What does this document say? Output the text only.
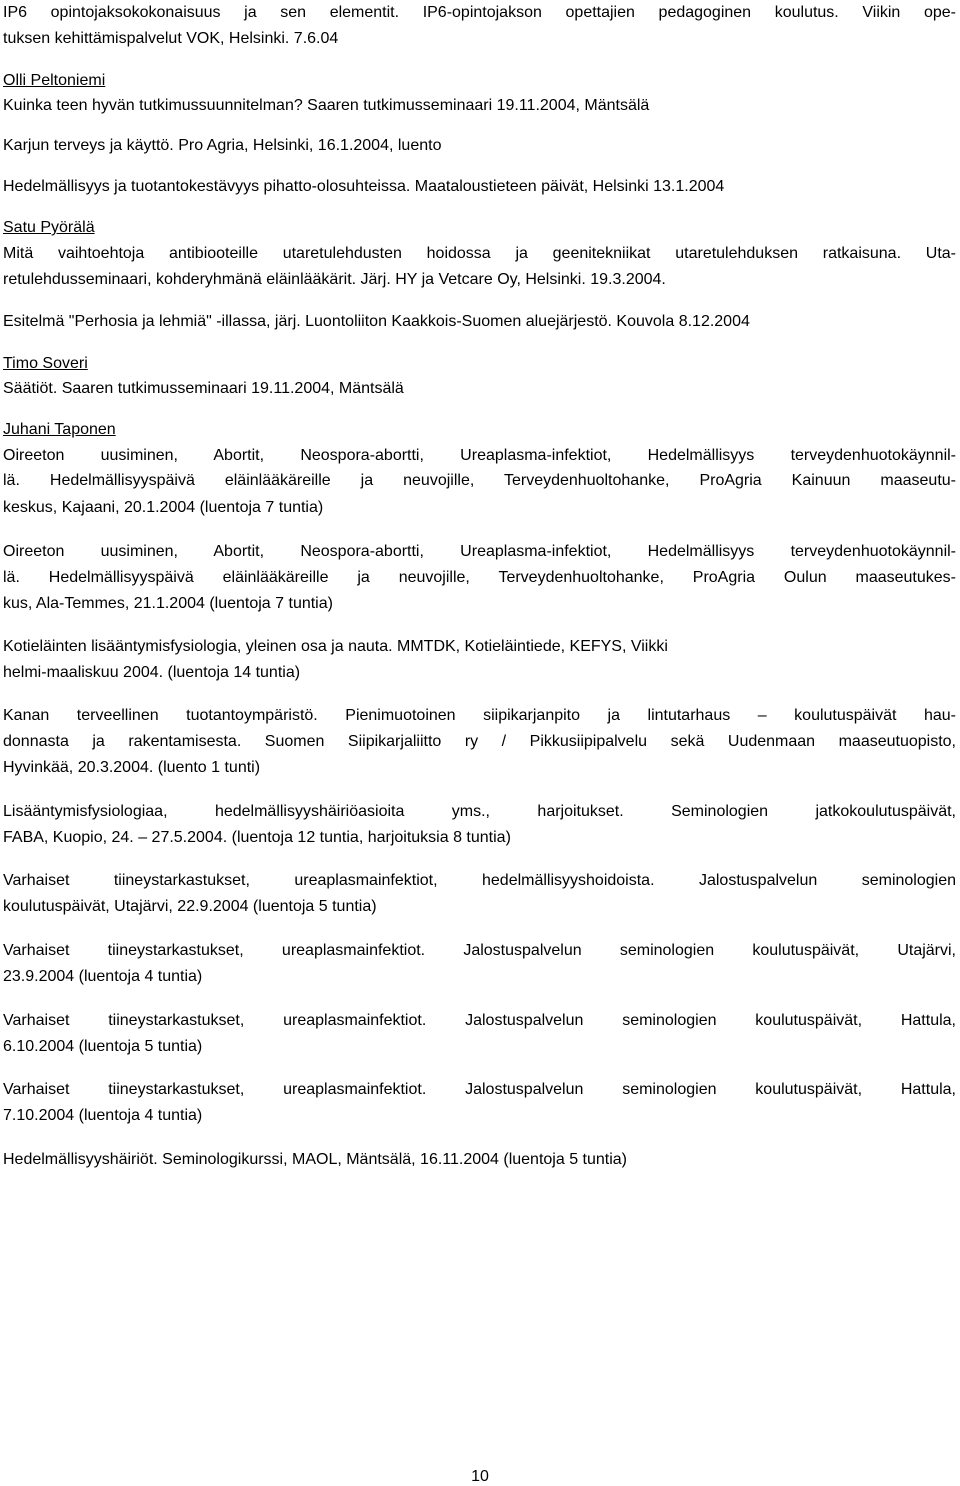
IP6 opintojaksokokonaisuus ja sen elementit. IP6-opintojakson opettajien pedagoginen koulutus. Viikin ope-
tuksen kehittämispalvelut VOK, Helsinki. 7.6.04
Olli Peltoniemi
Kuinka teen hyvän tutkimussuunnitelman? Saaren tutkimusseminaari 19.11.2004, Mäntsälä
Karjun terveys ja käyttö. Pro Agria, Helsinki, 16.1.2004, luento
Hedelmällisyys ja tuotantokestävyys pihatto-olosuhteissa. Maataloustieteen päivät, Helsinki 13.1.2004
Satu Pyörälä
Mitä vaihtoehtoja antibiooteille utaretulehdusten hoidossa ja geenitekniikat utaretulehduksen ratkaisuna. Uta-
retulehdusseminaari, kohderyhmänä eläinlääkärit. Järj. HY ja Vetcare Oy, Helsinki. 19.3.2004.
Esitelmä "Perhosia ja lehmiä" -illassa, järj. Luontoliiton Kaakkois-Suomen aluejärjestö. Kouvola 8.12.2004
Timo Soveri
Säätiöt. Saaren tutkimusseminaari 19.11.2004, Mäntsälä
Juhani Taponen
Oireeton uusiminen, Abortit, Neospora-abortti, Ureaplasma-infektiot, Hedelmällisyys terveydenhuotokäynnil-
lä. Hedelmällisyyspäivä eläinlääkäreille ja neuvojille, Terveydenhuoltohanke, ProAgria Kainuun maaseutu-
keskus, Kajaani, 20.1.2004 (luentoja 7 tuntia)
Oireeton uusiminen, Abortit, Neospora-abortti, Ureaplasma-infektiot, Hedelmällisyys terveydenhuotokäynnil-
lä. Hedelmällisyyspäivä eläinlääkäreille ja neuvojille, Terveydenhuoltohanke, ProAgria Oulun maaseutukes-
kus, Ala-Temmes, 21.1.2004 (luentoja 7 tuntia)
Kotieläinten lisääntymisfysiologia, yleinen osa ja nauta. MMTDK, Kotieläintiede, KEFYS, Viikki
helmi-maaliskuu 2004. (luentoja 14 tuntia)
Kanan terveellinen tuotantoympäristö. Pienimuotoinen siipikarjanpito ja lintutarhaus – koulutuspäivät hau-
donnasta ja rakentamisesta. Suomen Siipikarjaliitto ry / Pikkusiipipalvelu sekä Uudenmaan maaseutuopisto,
Hyvinkää, 20.3.2004. (luento 1 tunti)
Lisääntymisfysiologiaa, hedelmällisyyshäiriöasioita yms., harjoitukset. Seminologien jatkokoulutuspäivät,
FABA, Kuopio, 24. – 27.5.2004. (luentoja 12 tuntia, harjoituksia 8 tuntia)
Varhaiset tiineystarkastukset, ureaplasmainfektiot, hedelmällisyyshoidoista. Jalostuspalvelun seminologien
koulutuspäivät, Utajärvi, 22.9.2004 (luentoja 5 tuntia)
Varhaiset tiineystarkastukset, ureaplasmainfektiot. Jalostuspalvelun seminologien koulutuspäivät, Utajärvi,
23.9.2004 (luentoja 4 tuntia)
Varhaiset tiineystarkastukset, ureaplasmainfektiot. Jalostuspalvelun seminologien koulutuspäivät, Hattula,
6.10.2004 (luentoja 5 tuntia)
Varhaiset tiineystarkastukset, ureaplasmainfektiot. Jalostuspalvelun seminologien koulutuspäivät, Hattula,
7.10.2004 (luentoja 4 tuntia)
Hedelmällisyyshäiriöt. Seminologikurssi, MAOL, Mäntsälä, 16.11.2004 (luentoja 5 tuntia)
10
